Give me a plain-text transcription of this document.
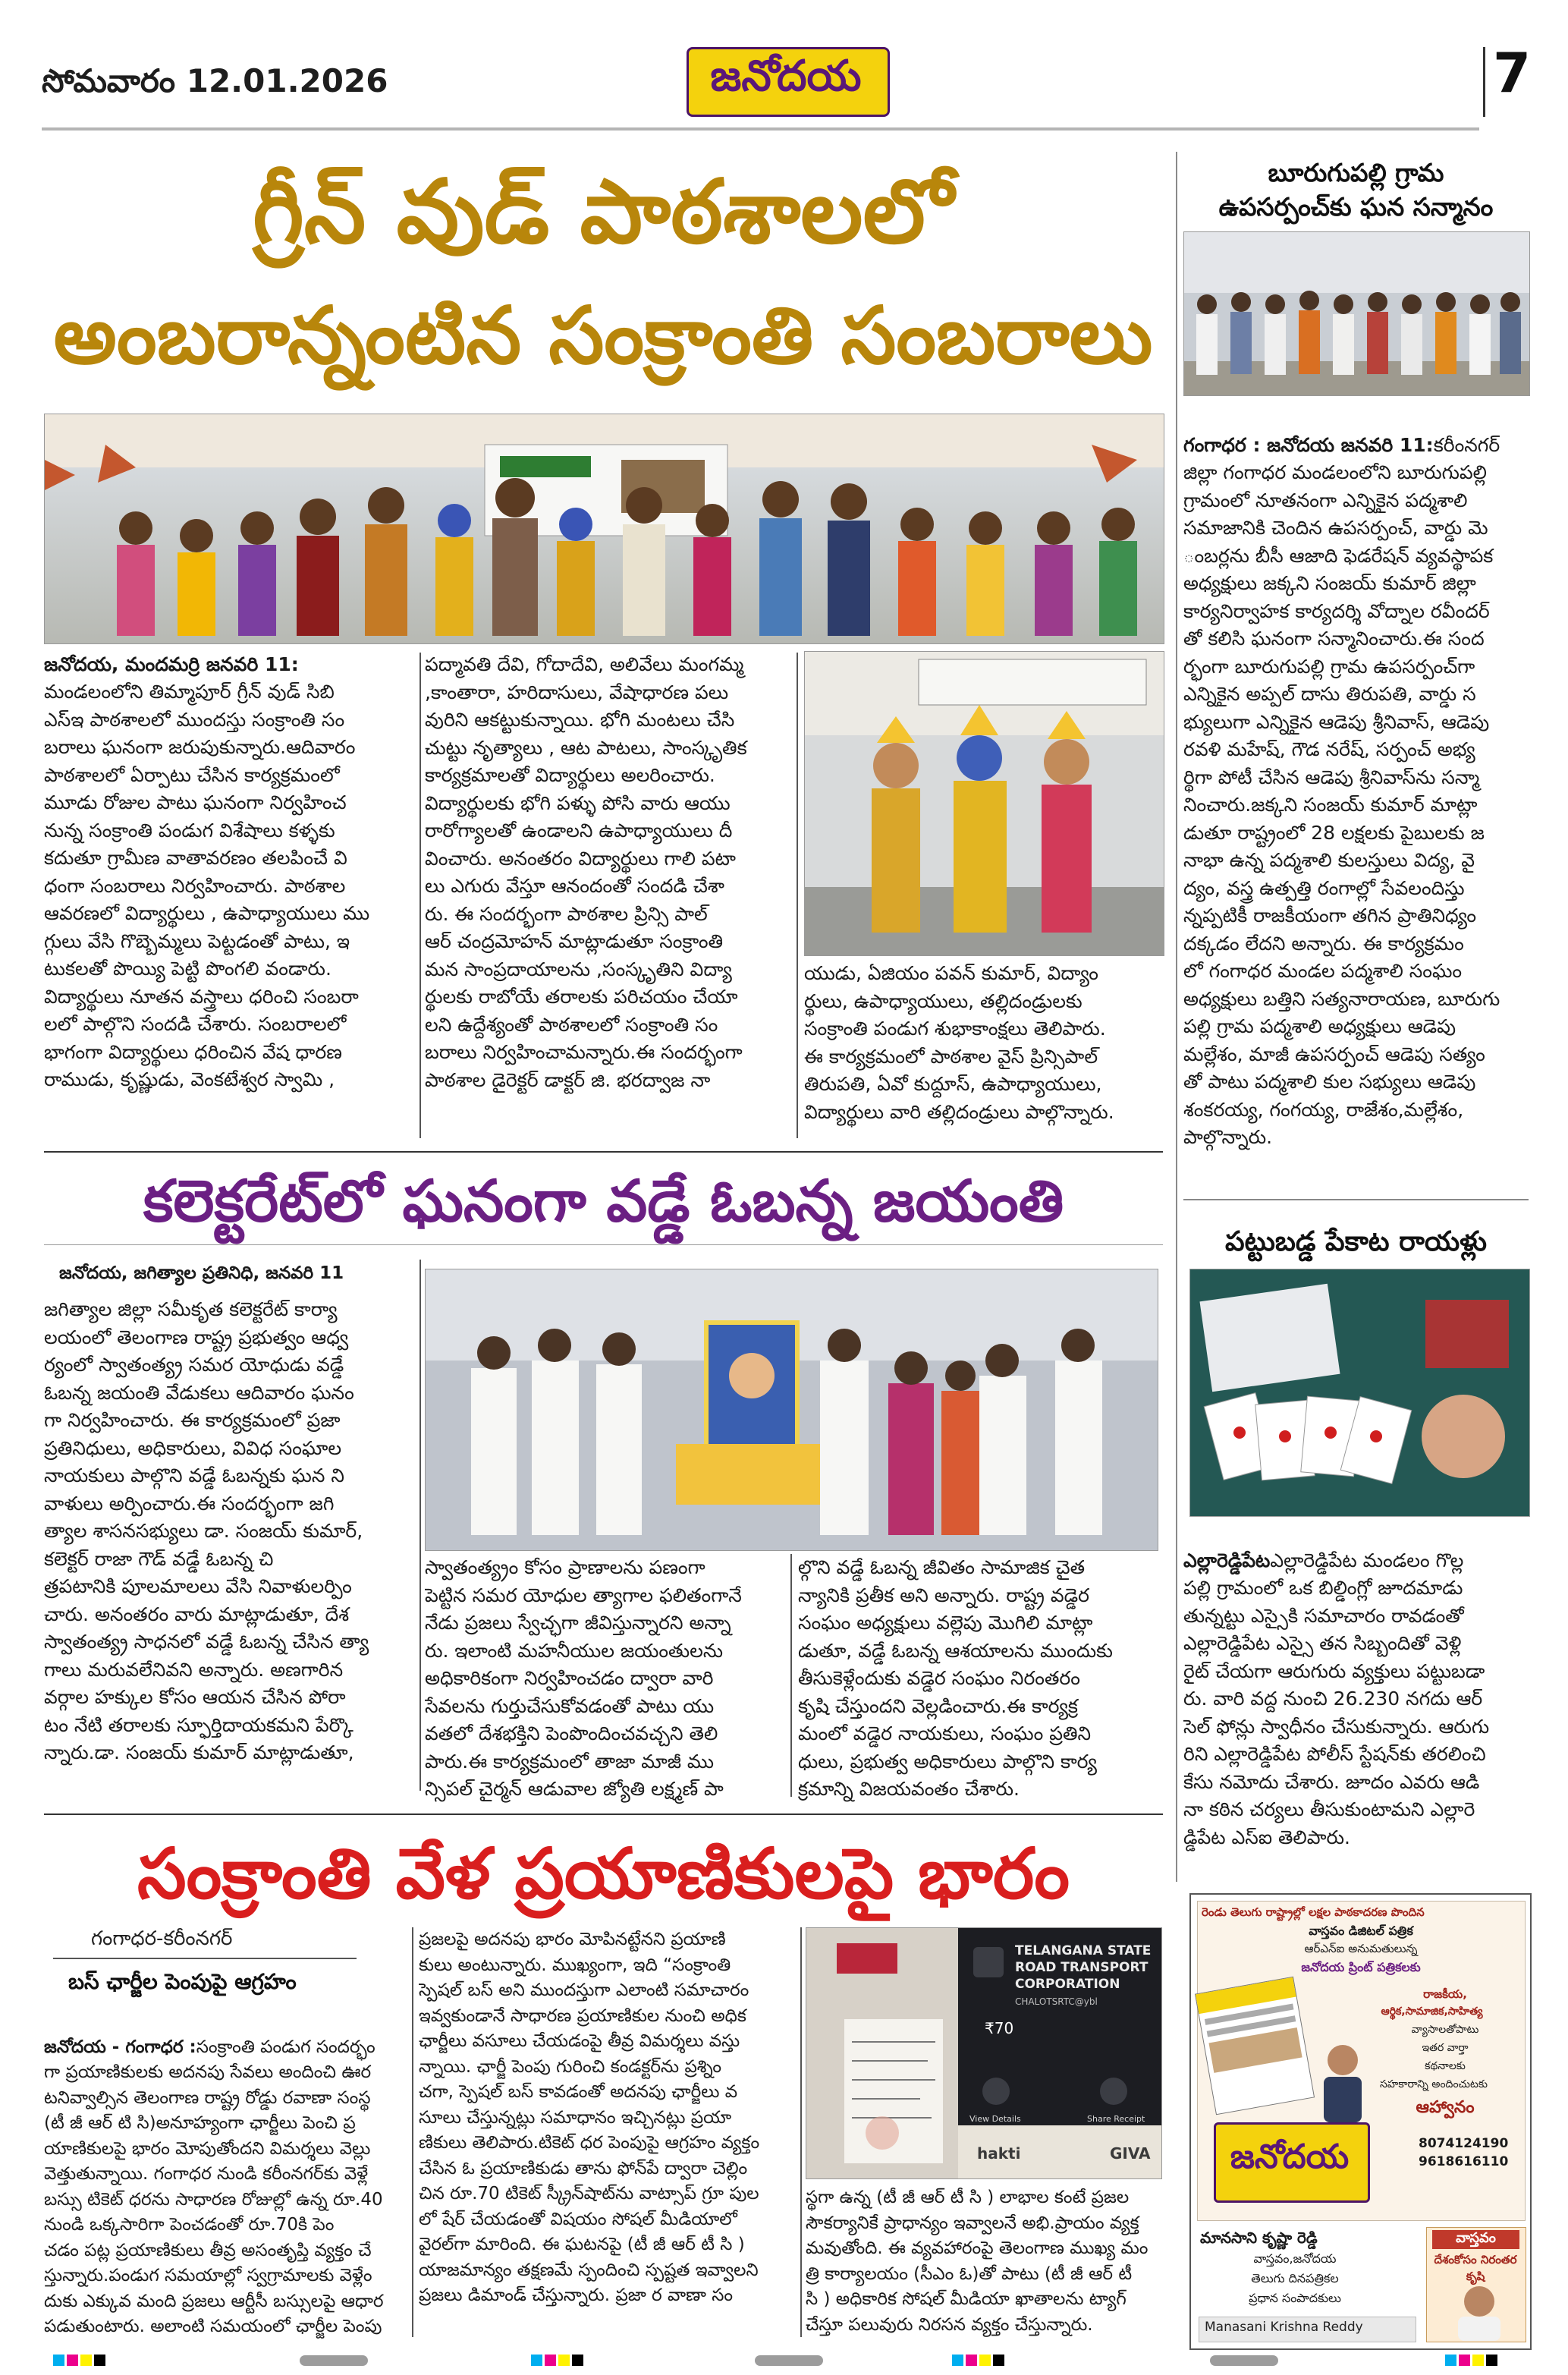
సోమవారం 12.01.2026	జనోదయ	7
గ్రీన్ వుడ్ పాఠశాలలో
అంబరాన్నంటిన సంక్రాంతి సంబరాలు
జనోదయ, మందమర్రి జనవరి 11:
మండలంలోని తిమ్మాపూర్ గ్రీన్ వుడ్ సిబి
ఎస్ఇ పాఠశాలలో ముందస్తు సంక్రాంతి సం
బరాలు ఘనంగా జరుపుకున్నారు.ఆదివారం
పాఠశాలలో ఏర్పాటు చేసిన కార్యక్రమంలో
మూడు రోజుల పాటు ఘనంగా నిర్వహించ
నున్న సంక్రాంతి పండుగ విశేషాలు కళ్ళకు
కదుతూ గ్రామీణ వాతావరణం తలపించే వి
ధంగా సంబరాలు నిర్వహించారు. పాఠశాల
ఆవరణలో విద్యార్థులు , ఉపాధ్యాయులు ము
గ్గులు వేసి గొబ్బెమ్మలు పెట్టడంతో పాటు, ఇ
టుకలతో పొయ్యి పెట్టి పొంగలి వండారు.
విద్యార్థులు నూతన వస్త్రాలు ధరించి సంబరా
లలో పాల్గొని సందడి చేశారు. సంబరాలలో
భాగంగా విద్యార్థులు ధరించిన వేష ధారణ
రాముడు, కృష్ణుడు, వెంకటేశ్వర స్వామి ,
పద్మావతి దేవి, గోదాదేవి, అలివేలు మంగమ్మ
,కాంతారా, హరిదాసులు, వేషాధారణ పలు
వురిని ఆకట్టుకున్నాయి. భోగి మంటలు చేసి
చుట్టు నృత్యాలు , ఆట పాటలు, సాంస్కృతిక
కార్యక్రమాలతో విద్యార్థులు అలరించారు.
విద్యార్థులకు భోగి పళ్ళు పోసి వారు ఆయు
రారోగ్యాలతో ఉండాలని ఉపాధ్యాయులు దీ
వించారు. అనంతరం విద్యార్థులు గాలి పటా
లు ఎగురు వేస్తూ ఆనందంతో సందడి చేశా
రు. ఈ సందర్భంగా పాఠశాల ప్రిన్సి పాల్
ఆర్ చంద్రమోహన్ మాట్లాడుతూ సంక్రాంతి
మన సాంప్రదాయాలను ,సంస్కృతిని విద్యా
ర్థులకు రాబోయే తరాలకు పరిచయం చేయా
లని ఉద్దేశ్యంతో పాఠశాలలో సంక్రాంతి సం
బరాలు నిర్వహించామన్నారు.ఈ సందర్భంగా
పాఠశాల డైరెక్టర్ డాక్టర్ జి. భరద్వాజ నా
యుడు, ఏజియం పవన్ కుమార్, విద్యాం
ర్థులు, ఉపాధ్యాయులు, తల్లిదండ్రులకు
సంక్రాంతి పండుగ శుభాకాంక్షలు తెలిపారు.
ఈ కార్యక్రమంలో పాఠశాల వైస్ ప్రిన్సిపాల్
తిరుపతి, ఏవో కుద్దూస్, ఉపాధ్యాయులు,
విద్యార్థులు వారి తల్లిదండ్రులు పాల్గొన్నారు.
బూరుగుపల్లి గ్రామ
ఉపసర్పంచ్‌కు ఘన సన్మానం

గంగాధర : జనోదయ జనవరి 11:కరీంనగర్
జిల్లా గంగాధర మండలంలోని బూరుగుపల్లి
గ్రామంలో నూతనంగా ఎన్నికైన పద్మశాలి
సమాజానికి చెందిన ఉపసర్పంచ్, వార్డు మె
ంబర్లను బీసీ ఆజాది ఫెడరేషన్ వ్యవస్థాపక
అధ్యక్షులు జక్కని సంజయ్ కుమార్ జిల్లా
కార్యనిర్వాహక కార్యదర్శి వోద్నాల రవీందర్
తో కలిసి ఘనంగా సన్మానించారు.ఈ సంద
ర్భంగా బూరుగుపల్లి గ్రామ ఉపసర్పంచ్‌గా
ఎన్నికైన అప్పల్ దాసు తిరుపతి, వార్డు స
భ్యులుగా ఎన్నికైన ఆడెపు శ్రీనివాస్, ఆడెపు
రవళి మహేష్, గౌడ నరేష్, సర్పంచ్ అభ్య
ర్థిగా పోటీ చేసిన ఆడెపు శ్రీనివాస్‌ను సన్మా
నించారు.జక్కని సంజయ్ కుమార్ మాట్లా
డుతూ రాష్ట్రంలో 28 లక్షలకు పైబులకు జ
నాభా ఉన్న పద్మశాలి కులస్తులు విద్య, వై
ద్యం, వస్త్ర ఉత్పత్తి రంగాల్లో సేవలందిస్తు
న్నప్పటికీ రాజకీయంగా తగిన ప్రాతినిధ్యం
దక్కడం లేదని అన్నారు. ఈ కార్యక్రమం
లో గంగాధర మండల పద్మశాలి సంఘం
అధ్యక్షులు బత్తిని సత్యనారాయణ, బూరుగు
పల్లి గ్రామ పద్మశాలి అధ్యక్షులు ఆడెపు
మల్లేశం, మాజీ ఉపసర్పంచ్ ఆడెపు సత్యం
తో పాటు పద్మశాలి కుల సభ్యులు ఆడెపు
శంకరయ్య, గంగయ్య, రాజేశం,మల్లేశం,
పాల్గొన్నారు.

కలెక్టరేట్‌లో ఘనంగా వడ్డే ఓబన్న జయంతి
జనోదయ, జగిత్యాల ప్రతినిధి, జనవరి 11
జగిత్యాల జిల్లా సమీకృత కలెక్టరేట్ కార్యా
లయంలో తెలంగాణ రాష్ట్ర ప్రభుత్వం ఆధ్వ
ర్యంలో స్వాతంత్య్ర సమర యోధుడు వడ్డే
ఓబన్న జయంతి వేడుకలు ఆదివారం ఘనం
గా నిర్వహించారు. ఈ కార్యక్రమంలో ప్రజా
ప్రతినిధులు, అధికారులు, వివిధ సంఘాల
నాయకులు పాల్గొని వడ్డే ఓబన్నకు ఘన ని
వాళులు అర్పించారు.ఈ సందర్భంగా జగి
త్యాల శాసనసభ్యులు డా. సంజయ్ కుమార్,
కలెక్టర్ రాజా గౌడ్ వడ్డే ఓబన్న చి
త్రపటానికి పూలమాలలు వేసి నివాళులర్పిం
చారు. అనంతరం వారు మాట్లాడుతూ, దేశ
స్వాతంత్య్ర సాధనలో వడ్డే ఓబన్న చేసిన త్యా
గాలు మరువలేనివని అన్నారు. అణగారిన
వర్గాల హక్కుల కోసం ఆయన చేసిన పోరా
టం నేటి తరాలకు స్ఫూర్తిదాయకమని పేర్కొ
న్నారు.డా. సంజయ్ కుమార్ మాట్లాడుతూ,
స్వాతంత్య్రం కోసం ప్రాణాలను పణంగా
పెట్టిన సమర యోధుల త్యాగాల ఫలితంగానే
నేడు ప్రజలు స్వేచ్ఛగా జీవిస్తున్నారని అన్నా
రు. ఇలాంటి మహనీయుల జయంతులను
అధికారికంగా నిర్వహించడం ద్వారా వారి
సేవలను గుర్తుచేసుకోవడంతో పాటు యు
వతలో దేశభక్తిని పెంపొందించవచ్చని తెలి
పారు.ఈ కార్యక్రమంలో తాజా మాజీ ము
న్సిపల్ చైర్మన్ ఆడువాల జ్యోతి లక్ష్మణ్ పా
ల్గొని వడ్డే ఓబన్న జీవితం సామాజిక చైత
న్యానికి ప్రతీక అని అన్నారు. రాష్ట్ర వడ్డెర
సంఘం అధ్యక్షులు వల్లెపు మొగిలి మాట్లా
డుతూ, వడ్డే ఓబన్న ఆశయాలను ముందుకు
తీసుకెళ్లేందుకు వడ్డెర సంఘం నిరంతరం
కృషి చేస్తుందని వెల్లడించారు.ఈ కార్యక్ర
మంలో వడ్డెర నాయకులు, సంఘం ప్రతిని
ధులు, ప్రభుత్వ అధికారులు పాల్గొని కార్య
క్రమాన్ని విజయవంతం చేశారు.
పట్టుబడ్డ పేకాట రాయళ్లు

ఎల్లారెడ్డిపేటఎల్లారెడ్డిపేట మండలం గొల్ల
పల్లి గ్రామంలో ఒక బిల్డింగ్లో జూదమాడు
తున్నట్టు ఎస్సైకి సమాచారం రావడంతో
ఎల్లారెడ్డిపేట ఎస్సై తన సిబ్బందితో వెళ్లి
రైట్ చేయగా ఆరుగురు వ్యక్తులు పట్టుబడా
రు. వారి వద్ద నుంచి 26.230 నగదు ఆర్
సెల్ ఫోన్లు స్వాధీనం చేసుకున్నారు. ఆరుగు
రిని ఎల్లారెడ్డిపేట పోలీస్ స్టేషన్‌కు తరలించి
కేసు నమోదు చేశారు. జూదం ఎవరు ఆడి
నా కఠిన చర్యలు తీసుకుంటామని ఎల్లారె
డ్డిపేట ఎస్ఐ తెలిపారు.

సంక్రాంతి వేళ ప్రయాణికులపై భారం
గంగాధర-కరీంనగర్
బస్ ఛార్జీల పెంపుపై ఆగ్రహం

జనోదయ - గంగాధర :సంక్రాంతి పండుగ సందర్భం
గా ప్రయాణికులకు అదనపు సేవలు అందించి ఊర
టనివ్వాల్సిన తెలంగాణ రాష్ట్ర రోడ్డు రవాణా సంస్థ
(టీ జీ ఆర్ టి సి)అనూహ్యంగా ఛార్జీలు పెంచి ప్ర
యాణికులపై భారం మోపుతోందని విమర్శలు వెల్లు
వెత్తుతున్నాయి. గంగాధర నుండి కరీంనగర్‌కు వెళ్లే
బస్సు టికెట్ ధరను సాధారణ రోజుల్లో ఉన్న రూ.40
నుండి ఒక్కసారిగా పెంచడంతో రూ.70కి పెం
చడం పట్ల ప్రయాణికులు తీవ్ర అసంతృప్తి వ్యక్తం చే
స్తున్నారు.పండుగ సమయాల్లో స్వగ్రామాలకు వెళ్లేం
దుకు ఎక్కువ మంది ప్రజలు ఆర్టీసీ బస్సులపై ఆధార
పడుతుంటారు. అలాంటి సమయంలో ఛార్జీల పెంపు

ప్రజలపై అదనపు భారం మోపినట్టేనని ప్రయాణి
కులు అంటున్నారు. ముఖ్యంగా, ఇది “సంక్రాంతి
స్పెషల్ బస్ అని ముందస్తుగా ఎలాంటి సమాచారం
ఇవ్వకుండానే సాధారణ ప్రయాణికుల నుంచి అధిక
ఛార్జీలు వసూలు చేయడంపై తీవ్ర విమర్శలు వస్తు
న్నాయి. ఛార్జీ పెంపు గురించి కండక్టర్‌ను ప్రశ్నిం
చగా, స్పెషల్ బస్ కావడంతో అదనపు ఛార్జీలు వ
సూలు చేస్తున్నట్లు సమాధానం ఇచ్చినట్లు ప్రయా
ణికులు తెలిపారు.టికెట్ ధర పెంపుపై ఆగ్రహం వ్యక్తం
చేసిన ఓ ప్రయాణికుడు తాను ఫోన్‌పే ద్వారా చెల్లిం
చిన రూ.70 టికెట్ స్క్రీన్‌షాట్‌ను వాట్సాప్ గ్రూ పుల
లో షేర్ చేయడంతో విషయం సోషల్ మీడియాలో
వైరల్‌గా మారింది. ఈ ఘటనపై (టీ జీ ఆర్ టీ సి )
యాజమాన్యం తక్షణమే స్పందించి స్పష్టత ఇవ్వాలని
ప్రజలు డిమాండ్ చేస్తున్నారు. ప్రజా ర వాణా సం
TELANGANA STATE
ROAD TRANSPORT
CORPORATION
CHALOTSRTC@ybl
₹70
View Details	Share Receipt
hakti	GIVA
స్థగా ఉన్న (టీ జీ ఆర్ టీ సి ) లాభాల కంటే ప్రజల
సౌకర్యానికే ప్రాధాన్యం ఇవ్వాలనే అభి.ప్రాయం వ్యక్త
మవుతోంది. ఈ వ్యవహారంపై తెలంగాణ ముఖ్య మం
త్రి కార్యాలయం (సీఎం ఓ)తో పాటు (టీ జీ ఆర్ టీ
సి ) అధికారిక సోషల్ మీడియా ఖాతాలను ట్యాగ్
చేస్తూ పలువురు నిరసన వ్యక్తం చేస్తున్నారు.
రెండు తెలుగు రాష్ట్రాల్లో లక్షల పాఠకాదరణ పొందిన
వాస్తవం డిజిటల్ పత్రిక
ఆర్‌ఎన్‌ఐ అనుమతులున్న
జనోదయ ప్రింట్ పత్రికలకు
రాజకీయ,
ఆర్థిక,సామాజిక,సాహిత్య
వ్యాసాలతోపాటు
ఇతర వార్తా
కథనాలకు
సహకారాన్ని అందించుటకు
ఆహ్వానం
జనోదయ	8074124190
9618616110
మానసాని కృష్ణా రెడ్డి
వాస్తవం,జనోదయ
తెలుగు దినపత్రికల
ప్రధాన సంపాదకులు
Manasani Krishna Reddy
వాస్తవం
దేశంకోసం నిరంతర కృషి
